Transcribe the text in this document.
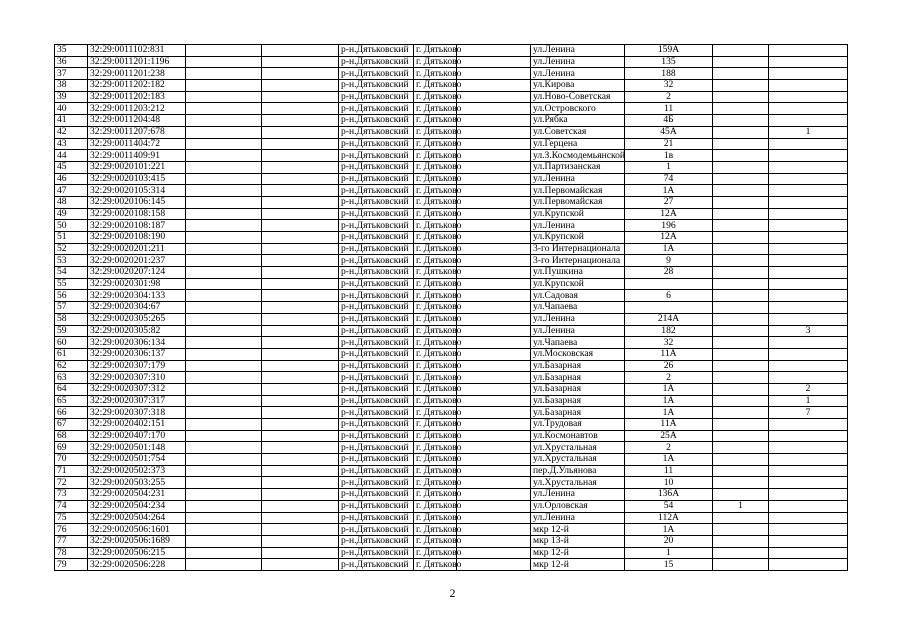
35	32:29:0011102:831			р-н.Дятьковский	г. Дятьково		ул.Ленина	159А		
36	32:29:0011201:1196			р-н.Дятьковский	г. Дятьково		ул.Ленина	135		
37	32:29:0011201:238			р-н.Дятьковский	г. Дятьково		ул.Ленина	188		
38	32:29:0011202:182			р-н.Дятьковский	г. Дятьково		ул.Кирова	32		
39	32:29:0011202:183			р-н.Дятьковский	г. Дятьково		ул.Ново-Советская	2		
40	32:29:0011203:212			р-н.Дятьковский	г. Дятьково		ул.Островского	11		
41	32:29:0011204:48			р-н.Дятьковский	г. Дятьково		ул.Рябка	4Б		
42	32:29:0011207:678			р-н.Дятьковский	г. Дятьково		ул.Советская	45А		1
43	32:29:0011404:72			р-н.Дятьковский	г. Дятьково		ул.Герцена	21		
44	32:29:0011409:91			р-н.Дятьковский	г. Дятьково		ул.З.Космодемьянской	1в		
45	32:29:0020101:221			р-н.Дятьковский	г. Дятьково		ул.Партизанская	1		
46	32:29:0020103:415			р-н.Дятьковский	г. Дятьково		ул.Ленина	74		
47	32:29:0020105:314			р-н.Дятьковский	г. Дятьково		ул.Первомайская	1А		
48	32:29:0020106:145			р-н.Дятьковский	г. Дятьково		ул.Первомайская	27		
49	32:29:0020108:158			р-н.Дятьковский	г. Дятьково		ул.Крупской	12А		
50	32:29:0020108:187			р-н.Дятьковский	г. Дятьково		ул.Ленина	196		
51	32:29:0020108:190			р-н.Дятьковский	г. Дятьково		ул.Крупской	12А		
52	32:29:0020201:211			р-н.Дятьковский	г. Дятьково		3-го Интернационала	1А		
53	32:29:0020201:237			р-н.Дятьковский	г. Дятьково		3-го Интернационала	9		
54	32:29:0020207:124			р-н.Дятьковский	г. Дятьково		ул.Пушкина	28		
55	32:29:0020301:98			р-н.Дятьковский	г. Дятьково		ул.Крупской			
56	32:29:0020304:133			р-н.Дятьковский	г. Дятьково		ул.Садовая	6		
57	32:29:0020304:67			р-н.Дятьковский	г. Дятьково		ул.Чапаева			
58	32:29:0020305:265			р-н.Дятьковский	г. Дятьково		ул.Ленина	214А		
59	32:29:0020305:82			р-н.Дятьковский	г. Дятьково		ул.Ленина	182		3
60	32:29:0020306:134			р-н.Дятьковский	г. Дятьково		ул.Чапаева	32		
61	32:29:0020306:137			р-н.Дятьковский	г. Дятьково		ул.Московская	11А		
62	32:29:0020307:179			р-н.Дятьковский	г. Дятьково		ул.Базарная	26		
63	32:29:0020307:310			р-н.Дятьковский	г. Дятьково		ул.Базарная	2		
64	32:29:0020307:312			р-н.Дятьковский	г. Дятьково		ул.Базарная	1А		2
65	32:29:0020307:317			р-н.Дятьковский	г. Дятьково		ул.Базарная	1А		1
66	32:29:0020307:318			р-н.Дятьковский	г. Дятьково		ул.Базарная	1А		7
67	32:29:0020402:151			р-н.Дятьковский	г. Дятьково		ул.Трудовая	11А		
68	32:29:0020407:170			р-н.Дятьковский	г. Дятьково		ул.Космонавтов	25А		
69	32:29:0020501:148			р-н.Дятьковский	г. Дятьково		ул.Хрустальная	2		
70	32:29:0020501:754			р-н.Дятьковский	г. Дятьково		ул.Хрустальная	1А		
71	32:29:0020502:373			р-н.Дятьковский	г. Дятьково		пер.Д.Ульянова	11		
72	32:29:0020503:255			р-н.Дятьковский	г. Дятьково		ул.Хрустальная	10		
73	32:29:0020504:231			р-н.Дятьковский	г. Дятьково		ул.Ленина	136А		
74	32:29:0020504:234			р-н.Дятьковский	г. Дятьково		ул.Орловская	54	1	
75	32:29:0020504:264			р-н.Дятьковский	г. Дятьково		ул.Ленина	112А		
76	32:29:0020506:1601			р-н.Дятьковский	г. Дятьково		мкр 12-й	1А		
77	32:29:0020506:1689			р-н.Дятьковский	г. Дятьково		мкр 13-й	20		
78	32:29:0020506:215			р-н.Дятьковский	г. Дятьково		мкр 12-й	1		
79	32:29:0020506:228			р-н.Дятьковский	г. Дятьково		мкр 12-й	15		
2
